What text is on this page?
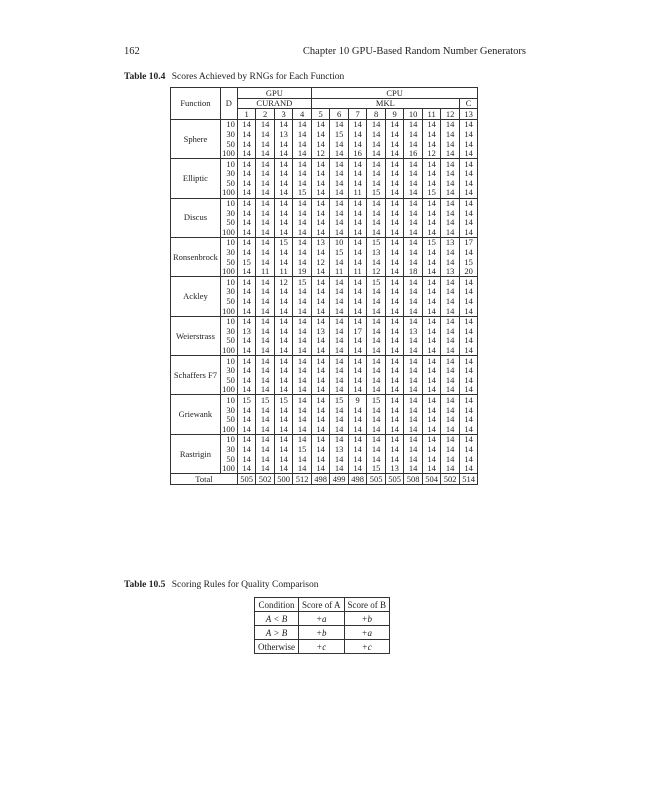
162	Chapter 10 GPU-Based Random Number Generators
Table 10.4 Scores Achieved by RNGs for Each Function
Function	D	GPU				CPU								
		CURAND				MKL								C
		1	2	3	4	5	6	7	8	9	10	11	12	13
Sphere	10	14	14	14	14	14	14	14	14	14	14	14	14	14
	30	14	14	13	14	14	15	14	14	14	14	14	14	14
	50	14	14	14	14	14	14	14	14	14	14	14	14	14
	100	14	14	14	14	12	14	16	14	14	16	12	14	14
Elliptic	10	14	14	14	14	14	14	14	14	14	14	14	14	14
	30	14	14	14	14	14	14	14	14	14	14	14	14	14
	50	14	14	14	14	14	14	14	14	14	14	14	14	14
	100	14	14	14	15	14	14	11	15	14	14	15	14	14
Discus	10	14	14	14	14	14	14	14	14	14	14	14	14	14
	30	14	14	14	14	14	14	14	14	14	14	14	14	14
	50	14	14	14	14	14	14	14	14	14	14	14	14	14
	100	14	14	14	14	14	14	14	14	14	14	14	14	14
Ronsenbrock	10	14	14	15	14	13	10	14	15	14	14	15	13	17
	30	14	14	14	14	14	15	14	13	14	14	14	14	14
	50	15	14	14	14	12	14	14	14	14	14	14	14	15
	100	14	11	11	19	14	11	11	12	14	18	14	13	20
Ackley	10	14	14	12	15	14	14	14	15	14	14	14	14	14
	30	14	14	14	14	14	14	14	14	14	14	14	14	14
	50	14	14	14	14	14	14	14	14	14	14	14	14	14
	100	14	14	14	14	14	14	14	14	14	14	14	14	14
Weierstrass	10	14	14	14	14	14	14	14	14	14	14	14	14	14
	30	13	14	14	14	13	14	17	14	14	13	14	14	14
	50	14	14	14	14	14	14	14	14	14	14	14	14	14
	100	14	14	14	14	14	14	14	14	14	14	14	14	14
Schaffers F7	10	14	14	14	14	14	14	14	14	14	14	14	14	14
	30	14	14	14	14	14	14	14	14	14	14	14	14	14
	50	14	14	14	14	14	14	14	14	14	14	14	14	14
	100	14	14	14	14	14	14	14	14	14	14	14	14	14
Griewank	10	15	15	15	14	14	15	9	15	14	14	14	14	14
	30	14	14	14	14	14	14	14	14	14	14	14	14	14
	50	14	14	14	14	14	14	14	14	14	14	14	14	14
	100	14	14	14	14	14	14	14	14	14	14	14	14	14
Rastrigin	10	14	14	14	14	14	14	14	14	14	14	14	14	14
	30	14	14	14	15	14	13	14	14	14	14	14	14	14
	50	14	14	14	14	14	14	14	14	14	14	14	14	14
	100	14	14	14	14	14	14	14	15	13	14	14	14	14
Total		505	502	500	512	498	499	498	505	505	508	504	502	514
Table 10.5 Scoring Rules for Quality Comparison
Condition	Score of A	Score of B
A < B	+a	+b
A > B	+b	+a
Otherwise	+c	+c
